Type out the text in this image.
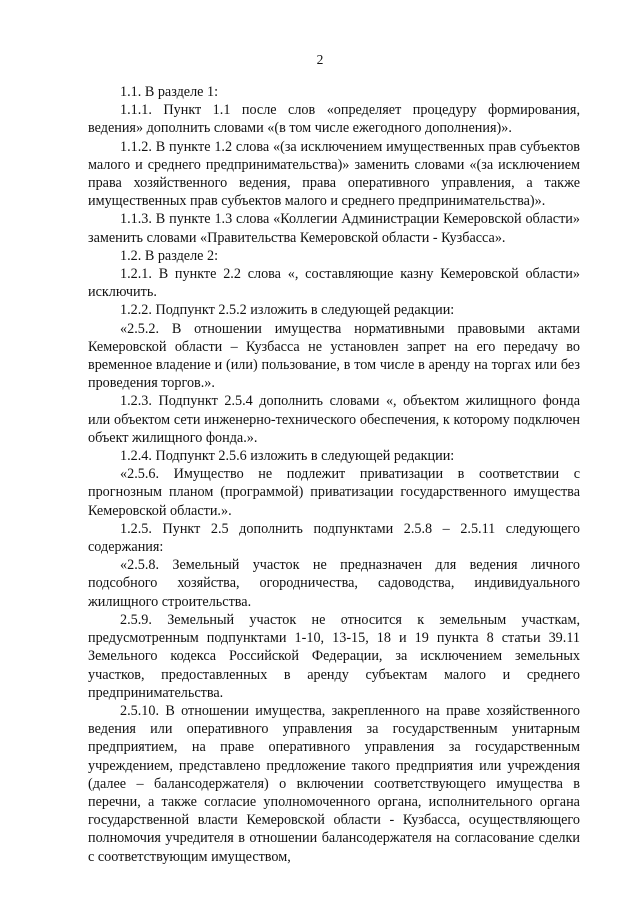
2

1.1. В разделе 1:

1.1.1. Пункт 1.1 после слов «определяет процедуру формирования, ведения» дополнить словами «(в том числе ежегодного дополнения)».

1.1.2. В пункте 1.2 слова «(за исключением имущественных прав субъектов малого и среднего предпринимательства)» заменить словами «(за исключением права хозяйственного ведения, права оперативного управления, а также имущественных прав субъектов малого и среднего предпринимательства)».

1.1.3. В пункте 1.3 слова «Коллегии Администрации Кемеровской области» заменить словами «Правительства Кемеровской области - Кузбасса».

1.2. В разделе 2:

1.2.1. В пункте 2.2 слова «, составляющие казну Кемеровской области» исключить.

1.2.2. Подпункт 2.5.2 изложить в следующей редакции:

«2.5.2. В отношении имущества нормативными правовыми актами Кемеровской области – Кузбасса не установлен запрет на его передачу во временное владение и (или) пользование, в том числе в аренду на торгах или без проведения торгов.».

1.2.3. Подпункт 2.5.4 дополнить словами «, объектом жилищного фонда или объектом сети инженерно-технического обеспечения, к которому подключен объект жилищного фонда.».

1.2.4. Подпункт 2.5.6 изложить в следующей редакции:

«2.5.6. Имущество не подлежит приватизации в соответствии с прогнозным планом (программой) приватизации государственного имущества Кемеровской области.».

1.2.5. Пункт 2.5 дополнить подпунктами 2.5.8 – 2.5.11 следующего содержания:

«2.5.8. Земельный участок не предназначен для ведения личного подсобного хозяйства, огородничества, садоводства, индивидуального жилищного строительства.

2.5.9. Земельный участок не относится к земельным участкам, предусмотренным подпунктами 1-10, 13-15, 18 и 19 пункта 8 статьи 39.11 Земельного кодекса Российской Федерации, за исключением земельных участков, предоставленных в аренду субъектам малого и среднего предпринимательства.

2.5.10. В отношении имущества, закрепленного на праве хозяйственного ведения или оперативного управления за государственным унитарным предприятием, на праве оперативного управления за государственным учреждением, представлено предложение такого предприятия или учреждения (далее – балансодержателя) о включении соответствующего имущества в перечни, а также согласие уполномоченного органа, исполнительного органа государственной власти Кемеровской области - Кузбасса, осуществляющего полномочия учредителя в отношении балансодержателя на согласование сделки с соответствующим имуществом,
